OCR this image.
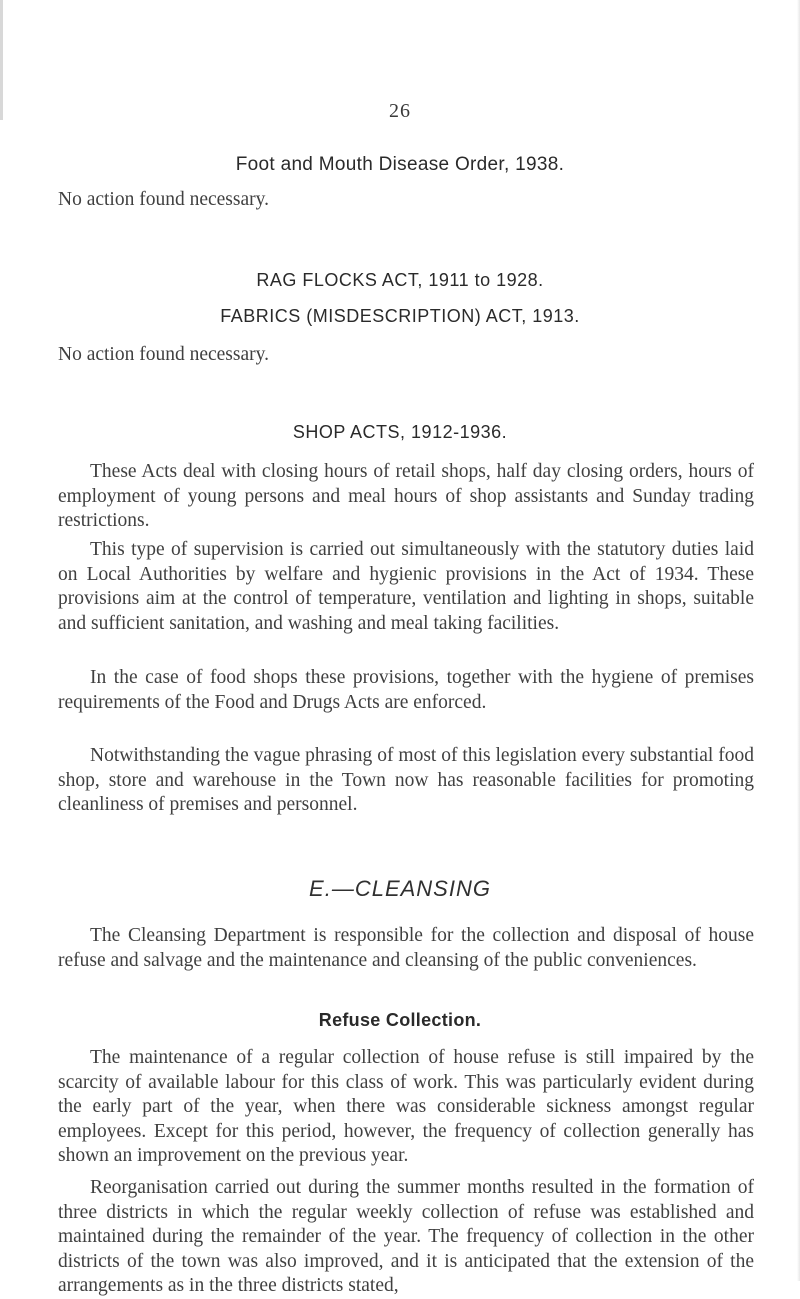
26
Foot and Mouth Disease Order, 1938.
No action found necessary.
RAG FLOCKS ACT, 1911 to 1928.
FABRICS (MISDESCRIPTION) ACT, 1913.
No action found necessary.
SHOP ACTS, 1912-1936.
These Acts deal with closing hours of retail shops, half day closing orders, hours of employment of young persons and meal hours of shop assistants and Sunday trading restrictions.
This type of supervision is carried out simultaneously with the statutory duties laid on Local Authorities by welfare and hygienic provisions in the Act of 1934. These provisions aim at the control of temperature, ventilation and lighting in shops, suitable and sufficient sanitation, and washing and meal taking facilities.
In the case of food shops these provisions, together with the hygiene of premises requirements of the Food and Drugs Acts are enforced.
Notwithstanding the vague phrasing of most of this legislation every substantial food shop, store and warehouse in the Town now has reasonable facilities for promoting cleanliness of premises and personnel.
E.—CLEANSING
The Cleansing Department is responsible for the collection and disposal of house refuse and salvage and the maintenance and cleansing of the public conveniences.
Refuse Collection.
The maintenance of a regular collection of house refuse is still impaired by the scarcity of available labour for this class of work. This was particularly evident during the early part of the year, when there was considerable sickness amongst regular employees. Except for this period, however, the frequency of collection generally has shown an improvement on the previous year.
Reorganisation carried out during the summer months resulted in the formation of three districts in which the regular weekly collection of refuse was established and maintained during the remainder of the year. The frequency of collection in the other districts of the town was also improved, and it is anticipated that the extension of the arrangements as in the three districts stated,
